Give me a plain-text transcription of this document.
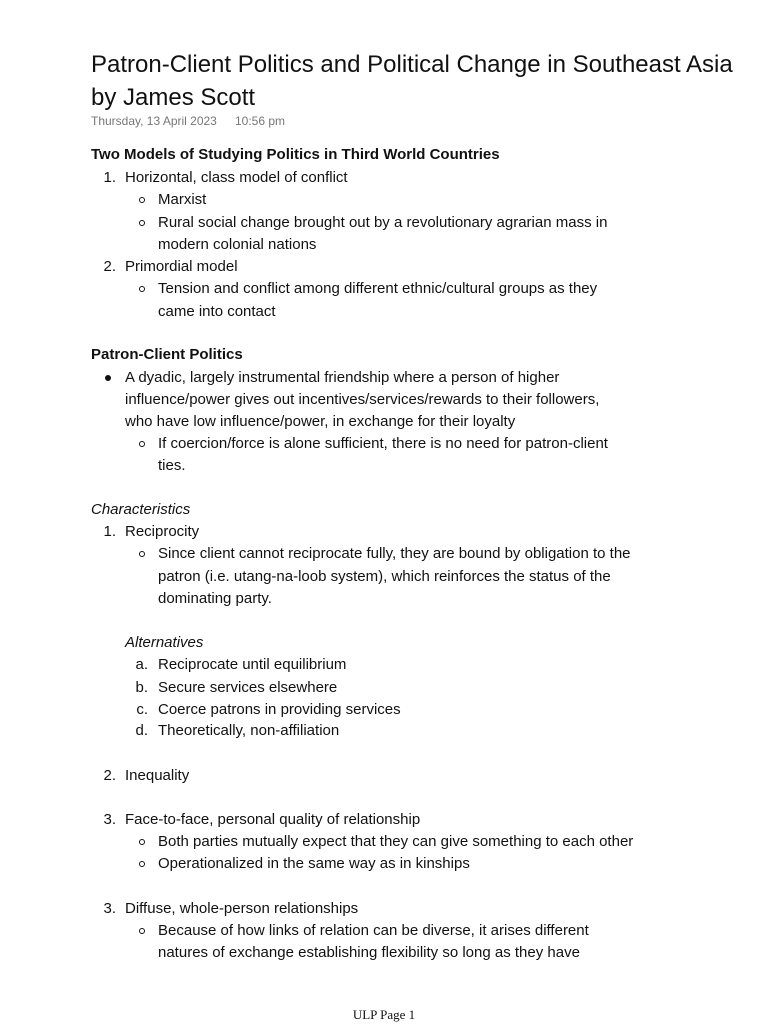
Patron-Client Politics and Political Change in Southeast Asia by James Scott
Thursday, 13 April 2023 10:56 pm
Two Models of Studying Politics in Third World Countries
1. Horizontal, class model of conflict
Marxist
Rural social change brought out by a revolutionary agrarian mass in
modern colonial nations
2. Primordial model
Tension and conflict among different ethnic/cultural groups as they
came into contact
Patron-Client Politics
A dyadic, largely instrumental friendship where a person of higher
influence/power gives out incentives/services/rewards to their followers,
who have low influence/power, in exchange for their loyalty
If coercion/force is alone sufficient, there is no need for patron-client
ties.
Characteristics
1. Reciprocity
Since client cannot reciprocate fully, they are bound by obligation to the
patron (i.e. utang-na-loob system), which reinforces the status of the
dominating party.
Alternatives
a. Reciprocate until equilibrium
b. Secure services elsewhere
c. Coerce patrons in providing services
d. Theoretically, non-affiliation
2. Inequality
3. Face-to-face, personal quality of relationship
Both parties mutually expect that they can give something to each other
Operationalized in the same way as in kinships
3. Diffuse, whole-person relationships
Because of how links of relation can be diverse, it arises different
natures of exchange establishing flexibility so long as they have
ULP Page 1
